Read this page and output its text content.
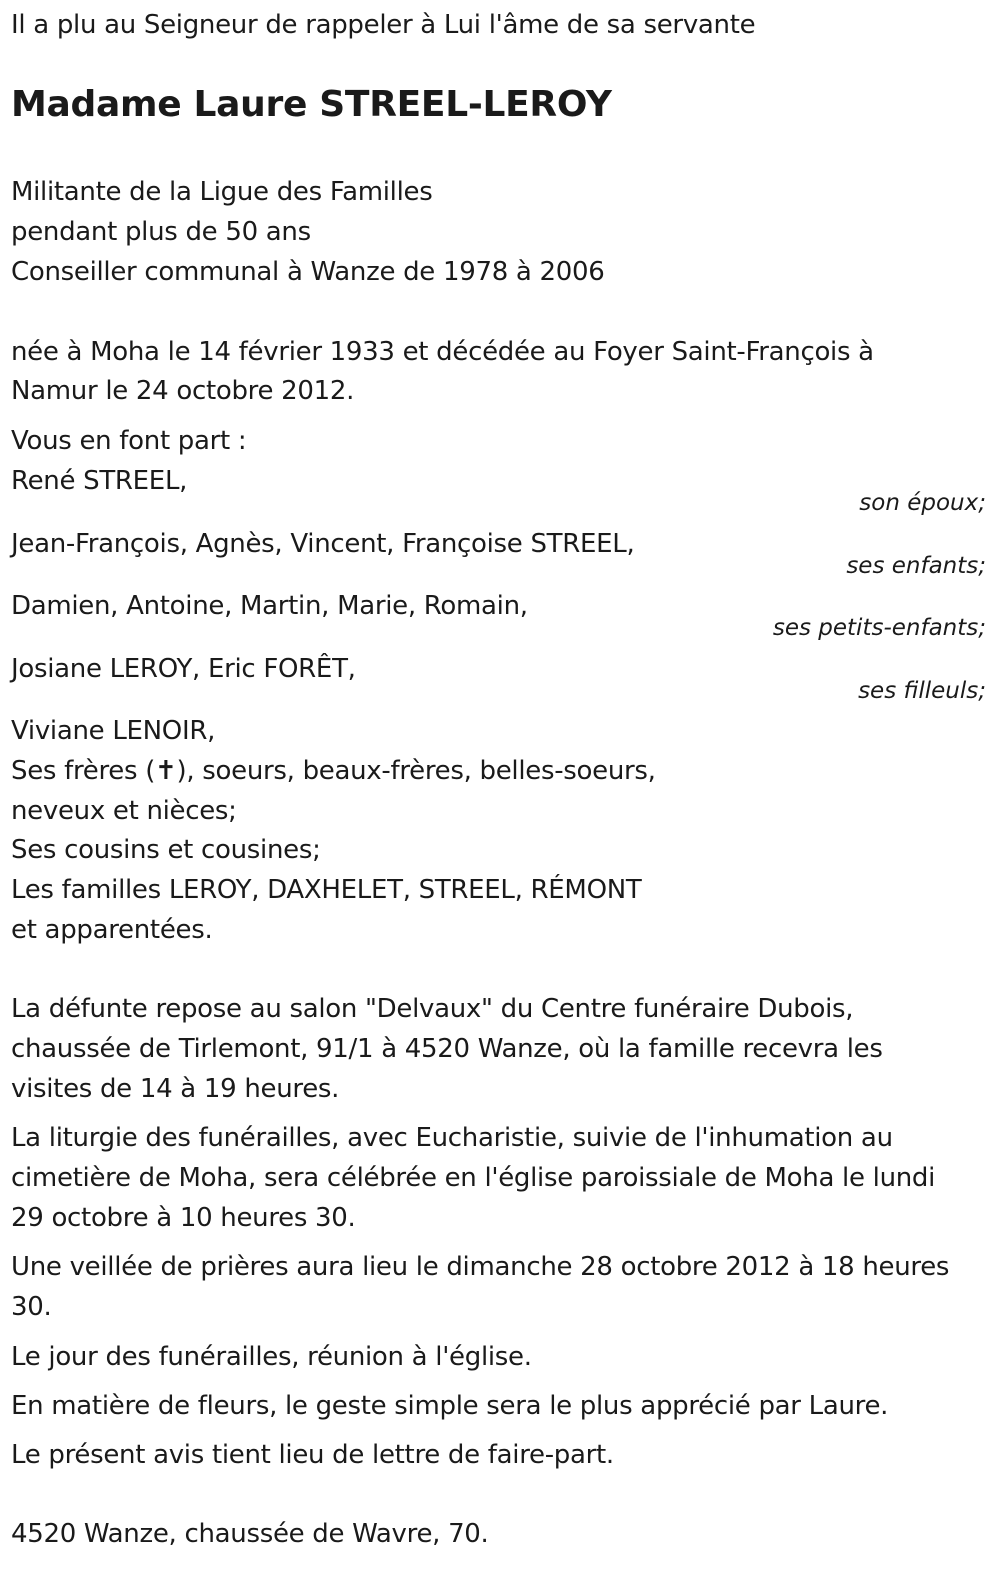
Il a plu au Seigneur de rappeler à Lui l'âme de sa servante
Madame Laure STREEL-LEROY
Militante de la Ligue des Familles
pendant plus de 50 ans
Conseiller communal à Wanze de 1978 à 2006
née à Moha le 14 février 1933 et décédée au Foyer Saint-François à
Namur le 24 octobre 2012.
Vous en font part :
René STREEL,
son époux;
Jean-François, Agnès, Vincent, Françoise STREEL,
ses enfants;
Damien, Antoine, Martin, Marie, Romain,
ses petits-enfants;
Josiane LEROY, Eric FORÊT,
ses filleuls;
Viviane LENOIR,
Ses frères (✝), soeurs, beaux-frères, belles-soeurs,
neveux et nièces;
Ses cousins et cousines;
Les familles LEROY, DAXHELET, STREEL, RÉMONT
et apparentées.
La défunte repose au salon "Delvaux" du Centre funéraire Dubois,
chaussée de Tirlemont, 91/1 à 4520 Wanze, où la famille recevra les
visites de 14 à 19 heures.
La liturgie des funérailles, avec Eucharistie, suivie de l'inhumation au
cimetière de Moha, sera célébrée en l'église paroissiale de Moha le lundi
29 octobre à 10 heures 30.
Une veillée de prières aura lieu le dimanche 28 octobre 2012 à 18 heures
30.
Le jour des funérailles, réunion à l'église.
En matière de fleurs, le geste simple sera le plus apprécié par Laure.
Le présent avis tient lieu de lettre de faire-part.
4520 Wanze, chaussée de Wavre, 70.
